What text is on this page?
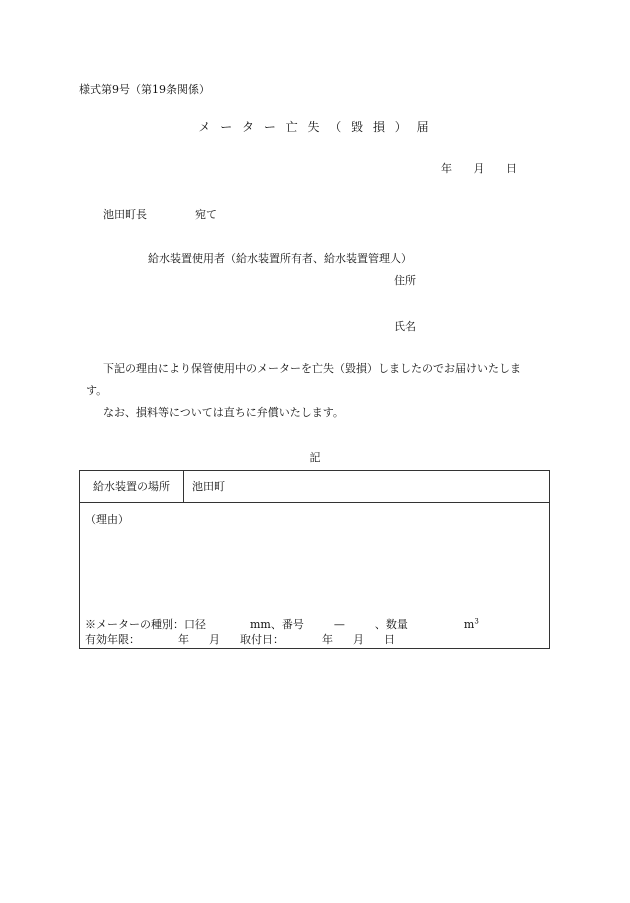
様式第9号（第19条関係）
メ ー タ ー 亡 失 （ 毀 損 ） 届
年 月 日
池田町長	宛て
給水装置使用者（給水装置所有者、給水装置管理人）
住所
氏名
下記の理由により保管使用中のメーターを亡失（毀損）しましたのでお届けいたしま
す。
なお、損料等については直ちに弁償いたします。
記
給水装置の場所	池田町
（理由）
※メーターの種別：口径	mm、番号	—	、数量	$m^3$
有効年限：	年 月 取付日：	年 月 日
